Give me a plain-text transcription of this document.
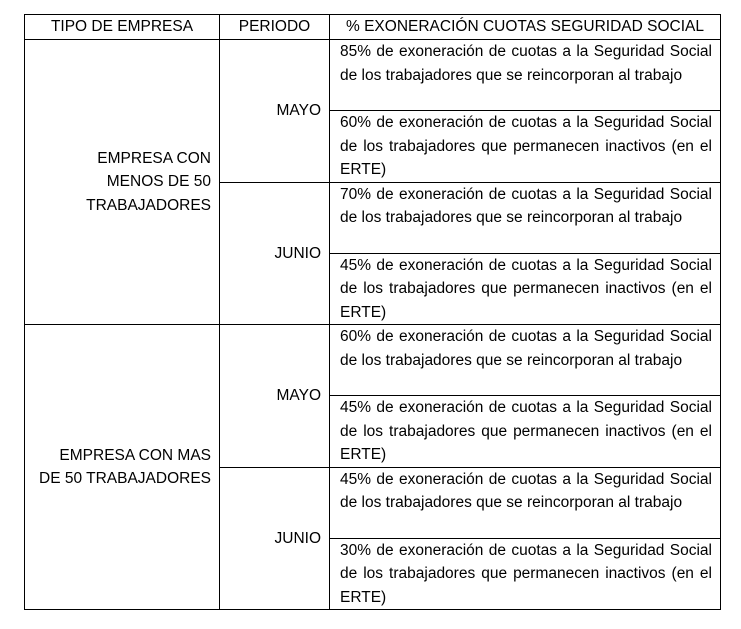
TIPO DE EMPRESA	PERIODO	% EXONERACIÓN CUOTAS SEGURIDAD SOCIAL
EMPRESA CON
MENOS DE 50
TRABAJADORES	MAYO	85% de exoneración de cuotas a la Seguridad Social de los trabajadores que se reincorporan al trabajo
		60% de exoneración de cuotas a la Seguridad Social de los trabajadores que permanecen inactivos (en el ERTE)
	JUNIO	70% de exoneración de cuotas a la Seguridad Social de los trabajadores que se reincorporan al trabajo
		45% de exoneración de cuotas a la Seguridad Social de los trabajadores que permanecen inactivos (en el ERTE)
EMPRESA CON MAS
DE 50 TRABAJADORES	MAYO	60% de exoneración de cuotas a la Seguridad Social de los trabajadores que se reincorporan al trabajo
		45% de exoneración de cuotas a la Seguridad Social de los trabajadores que permanecen inactivos (en el ERTE)
	JUNIO	45% de exoneración de cuotas a la Seguridad Social de los trabajadores que se reincorporan al trabajo
		30% de exoneración de cuotas a la Seguridad Social de los trabajadores que permanecen inactivos (en el ERTE)
